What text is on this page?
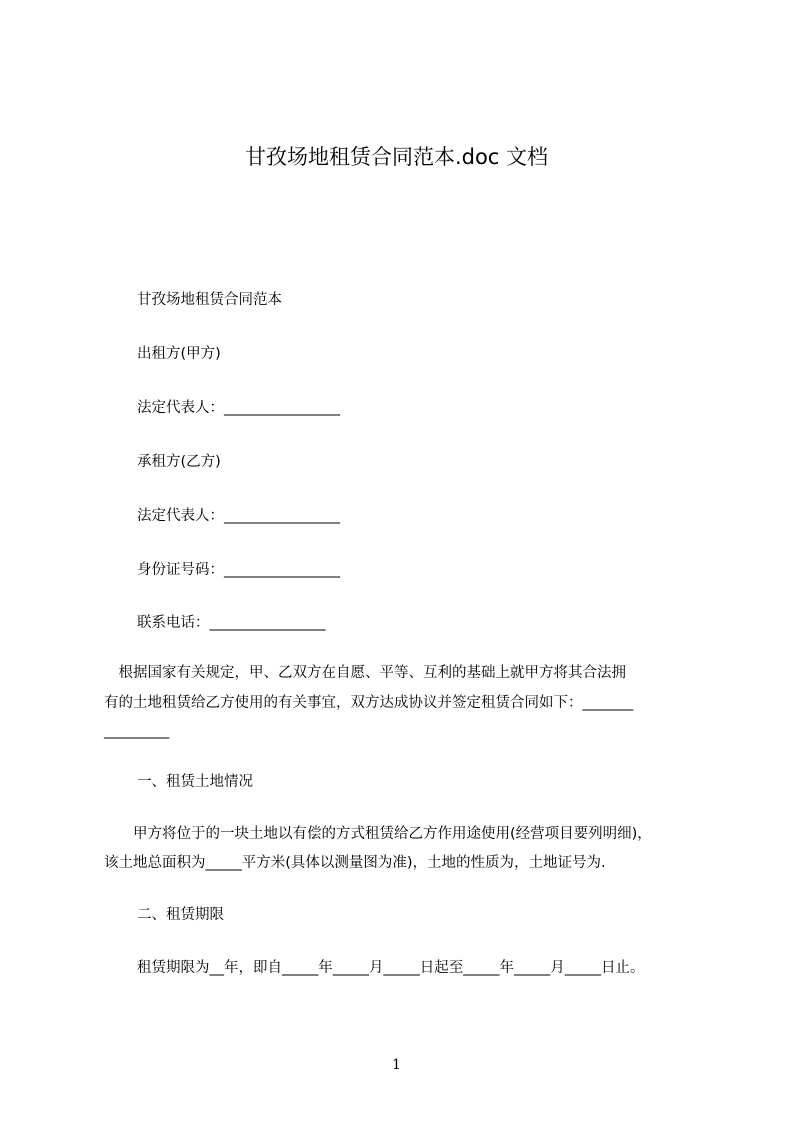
甘孜场地租赁合同范本.doc 文档
甘孜场地租赁合同范本
出租方(甲方)
法定代表人：________________
承租方(乙方)
法定代表人：________________
身份证号码：________________
联系电话：________________
　根据国家有关规定，甲、乙双方在自愿、平等、互利的基础上就甲方将其合法拥
有的土地租赁给乙方使用的有关事宜，双方达成协议并签定租赁合同如下：_______
_________
一、租赁土地情况
　　甲方将位于的一块土地以有偿的方式租赁给乙方作用途使用(经营项目要列明细)，
该土地总面积为_____平方米(具体以测量图为准)，土地的性质为，土地证号为.
二、租赁期限
租赁期限为__年，即自_____年_____月_____日起至_____年_____月_____日止。
1
